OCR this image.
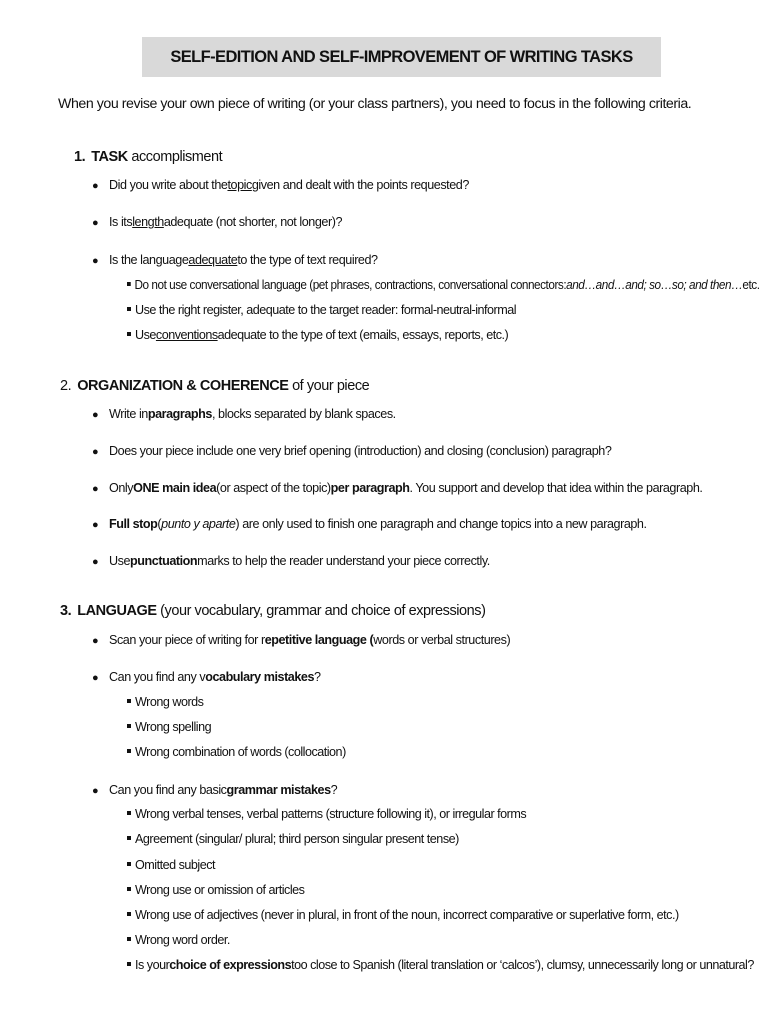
SELF-EDITION AND SELF-IMPROVEMENT OF WRITING TASKS
When you revise your own piece of writing (or your class partners), you need to focus in the following criteria.
1. TASK accomplisment
● Did you write about the topic given and dealt with the points requested?
● Is its length adequate (not shorter, not longer)?
● Is the language adequate to the type of text required?
Do not use conversational language (pet phrases, contractions, conversational connectors: and…and…and; so…so; and then… etc.
Use the right register, adequate to the target reader: formal-neutral-informal
Use conventions adequate to the type of text (emails, essays, reports, etc.)
2. ORGANIZATION & COHERENCE of your piece
● Write in paragraphs , blocks separated by blank spaces.
● Does your piece include one very brief opening (introduction) and closing (conclusion) paragraph?
● Only ONE main idea (or aspect of the topic) per paragraph . You support and develop that idea within the paragraph.
● Full stop ( punto y aparte ) are only used to finish one paragraph and change topics into a new paragraph.
● Use punctuation marks to help the reader understand your piece correctly.
3. LANGUAGE (your vocabulary, grammar and choice of expressions)
● Scan your piece of writing for r epetitive language ( words or verbal structures)
● Can you find any v ocabulary mistakes ?
Wrong words
Wrong spelling
Wrong combination of words (collocation)
● Can you find any basic grammar mistakes ?
Wrong verbal tenses, verbal patterns (structure following it), or irregular forms
Agreement (singular/ plural; third person singular present tense)
Omitted subject
Wrong use or omission of articles
Wrong use of adjectives (never in plural, in front of the noun, incorrect comparative or superlative form, etc.)
Wrong word order.
Is your choice of expressions too close to Spanish (literal translation or ‘calcos’), clumsy, unnecessarily long or unnatural?
